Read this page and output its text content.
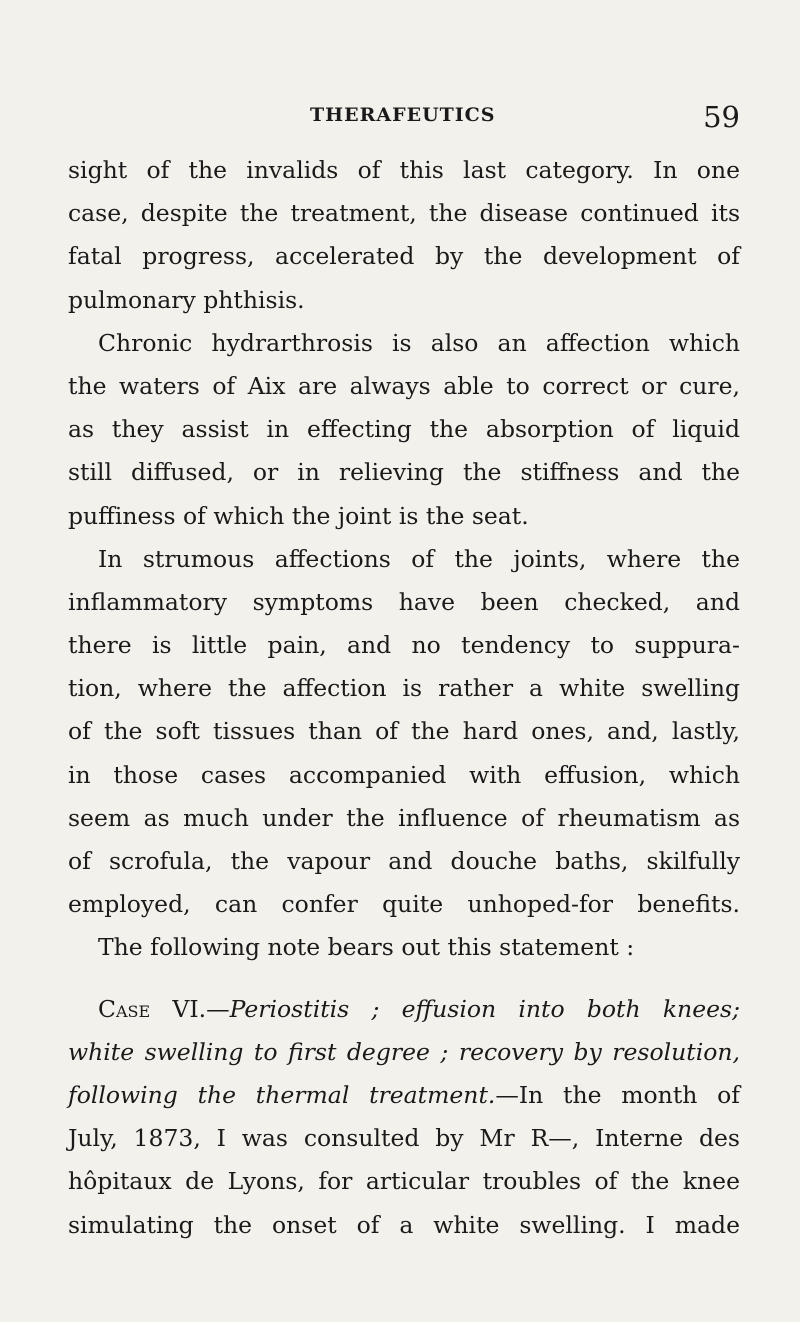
THERAFEUTICS	59
sight of the invalids of this last category. In one
case, despite the treatment, the disease continued its
fatal progress, accelerated by the development of
pulmonary phthisis.
Chronic hydrarthrosis is also an affection which
the waters of Aix are always able to correct or cure,
as they assist in effecting the absorption of liquid
still diffused, or in relieving the stiffness and the
puffiness of which the joint is the seat.
In strumous affections of the joints, where the
inflammatory symptoms have been checked, and
there is little pain, and no tendency to suppura-
tion, where the affection is rather a white swelling
of the soft tissues than of the hard ones, and, lastly,
in those cases accompanied with effusion, which
seem as much under the influence of rheumatism as
of scrofula, the vapour and douche baths, skilfully
employed, can confer quite unhoped-for benefits.
The following note bears out this statement :
Case VI.—Periostitis ; effusion into both knees;
white swelling to first degree ; recovery by resolution,
following the thermal treatment.—In the month of
July, 1873, I was consulted by Mr R—, Interne des
hôpitaux de Lyons, for articular troubles of the knee
simulating the onset of a white swelling. I made
